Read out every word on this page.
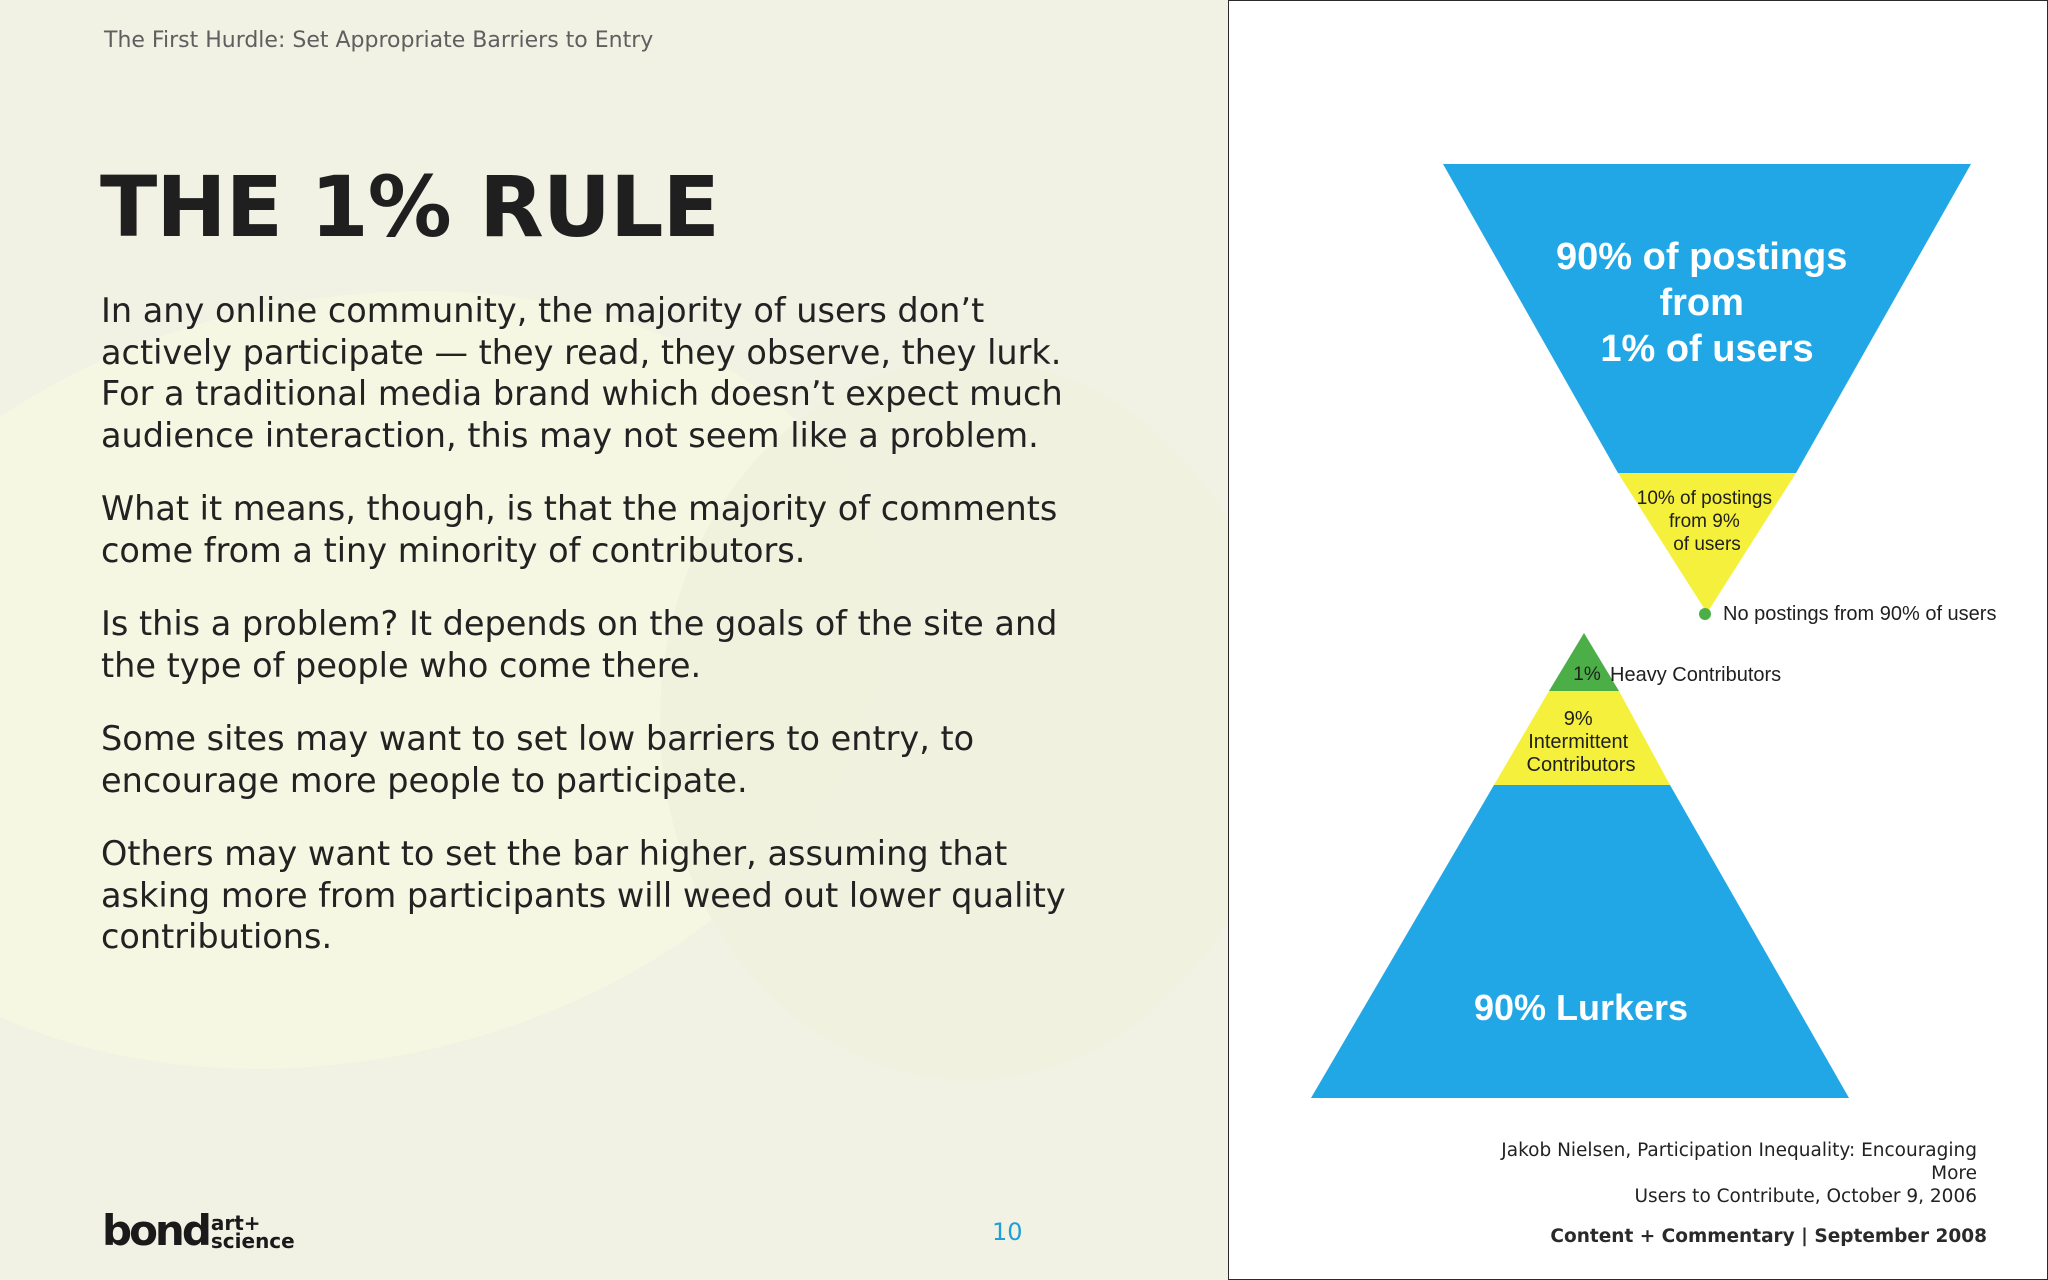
The First Hurdle: Set Appropriate Barriers to Entry
THE 1% RULE

In any online community, the majority of users don’t actively participate — they read, they observe, they lurk. For a traditional media brand which doesn’t expect much audience interaction, this may not seem like a problem.

What it means, though, is that the majority of comments come from a tiny minority of contributors.

Is this a problem? It depends on the goals of the site and the type of people who come there.

Some sites may want to set low barriers to entry, to encourage more people to participate.

Others may want to set the bar higher, assuming that asking more from participants will weed out lower quality contributions.

bond art+
science	10
90% of postings from 1% of users
10% of postings from 9% of users
No postings from 90% of users
1% Heavy Contributors
9% Intermittent Contributors
90% Lurkers
Jakob Nielsen, Participation Inequality: Encouraging More
Users to Contribute, October 9, 2006
Content + Commentary | September 2008
